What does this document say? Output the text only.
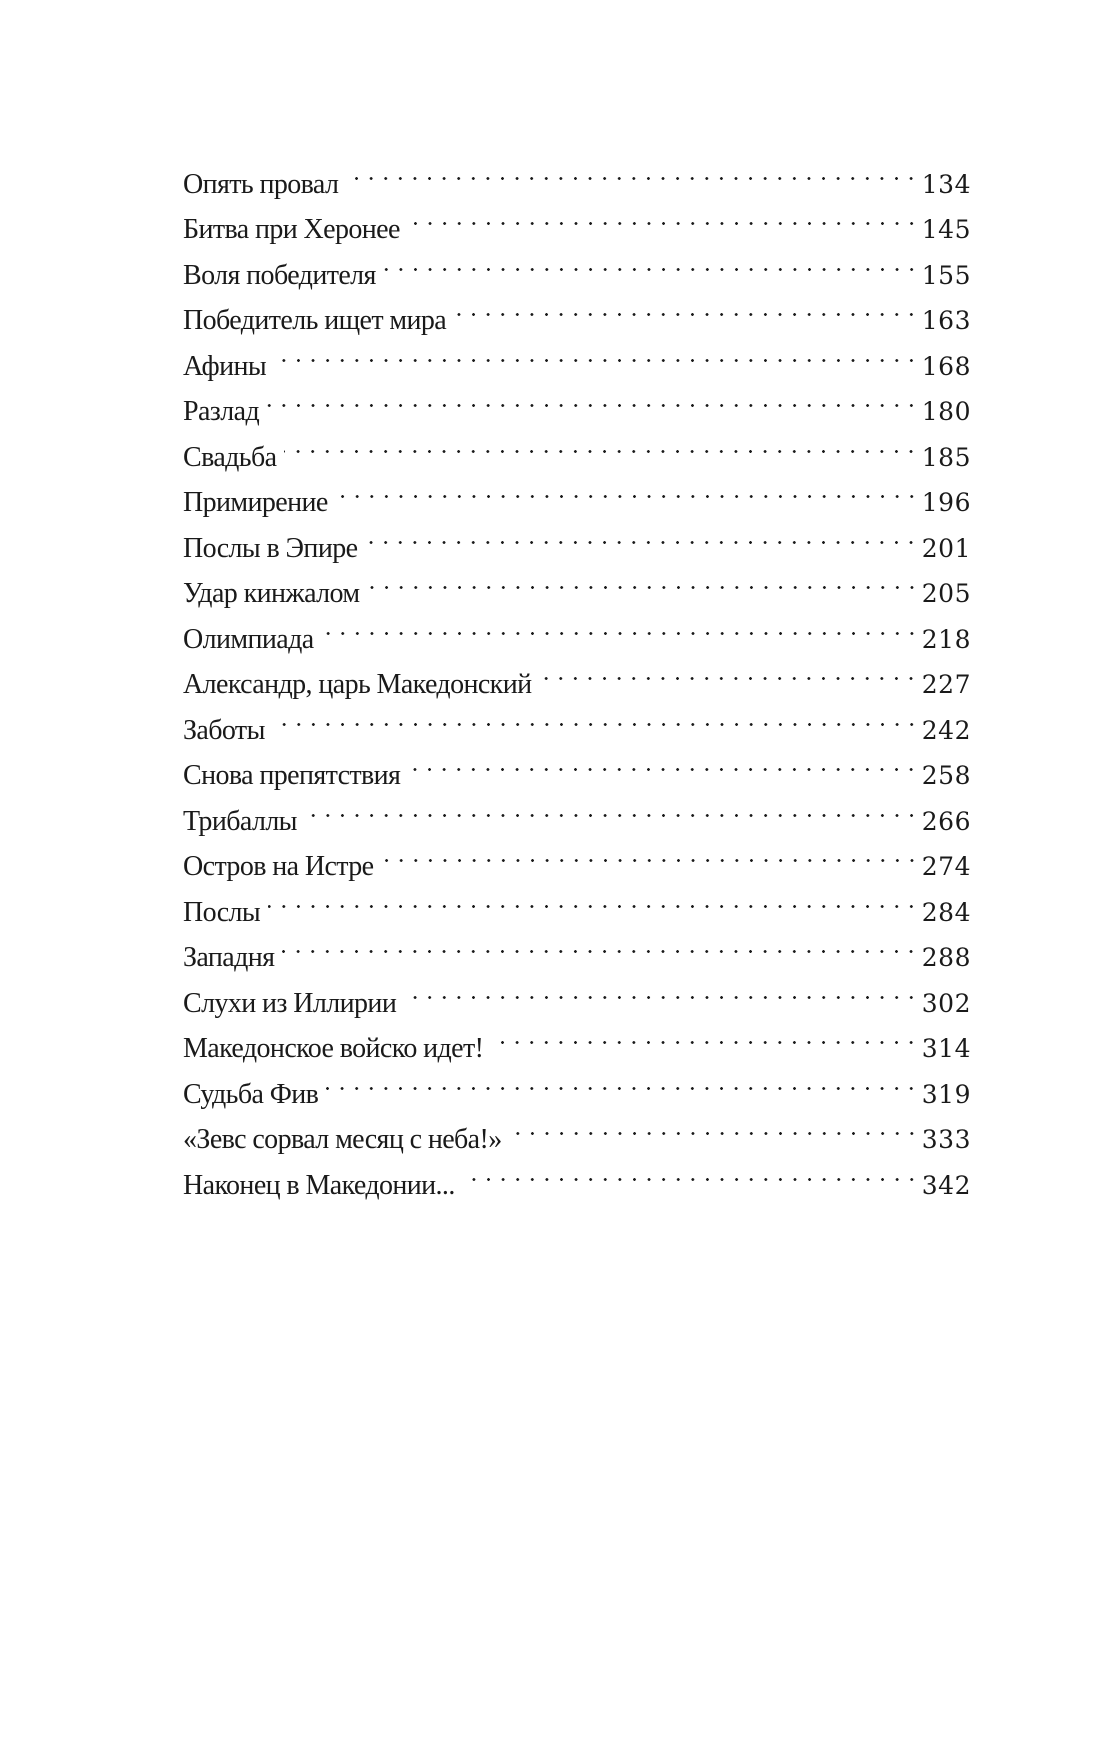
Опять провал	134
Битва при Херонее	145
Воля победителя	155
Победитель ищет мира	163
Афины	168
Разлад	180
Свадьба	185
Примирение	196
Послы в Эпире	201
Удар кинжалом	205
Олимпиада	218
Александр, царь Македонский	227
Заботы	242
Снова препятствия	258
Трибаллы	266
Остров на Истре	274
Послы	284
Западня	288
Слухи из Иллирии	302
Македонское войско идет!	314
Судьба Фив	319
«Зевс сорвал месяц с неба!»	333
Наконец в Македонии...	342
